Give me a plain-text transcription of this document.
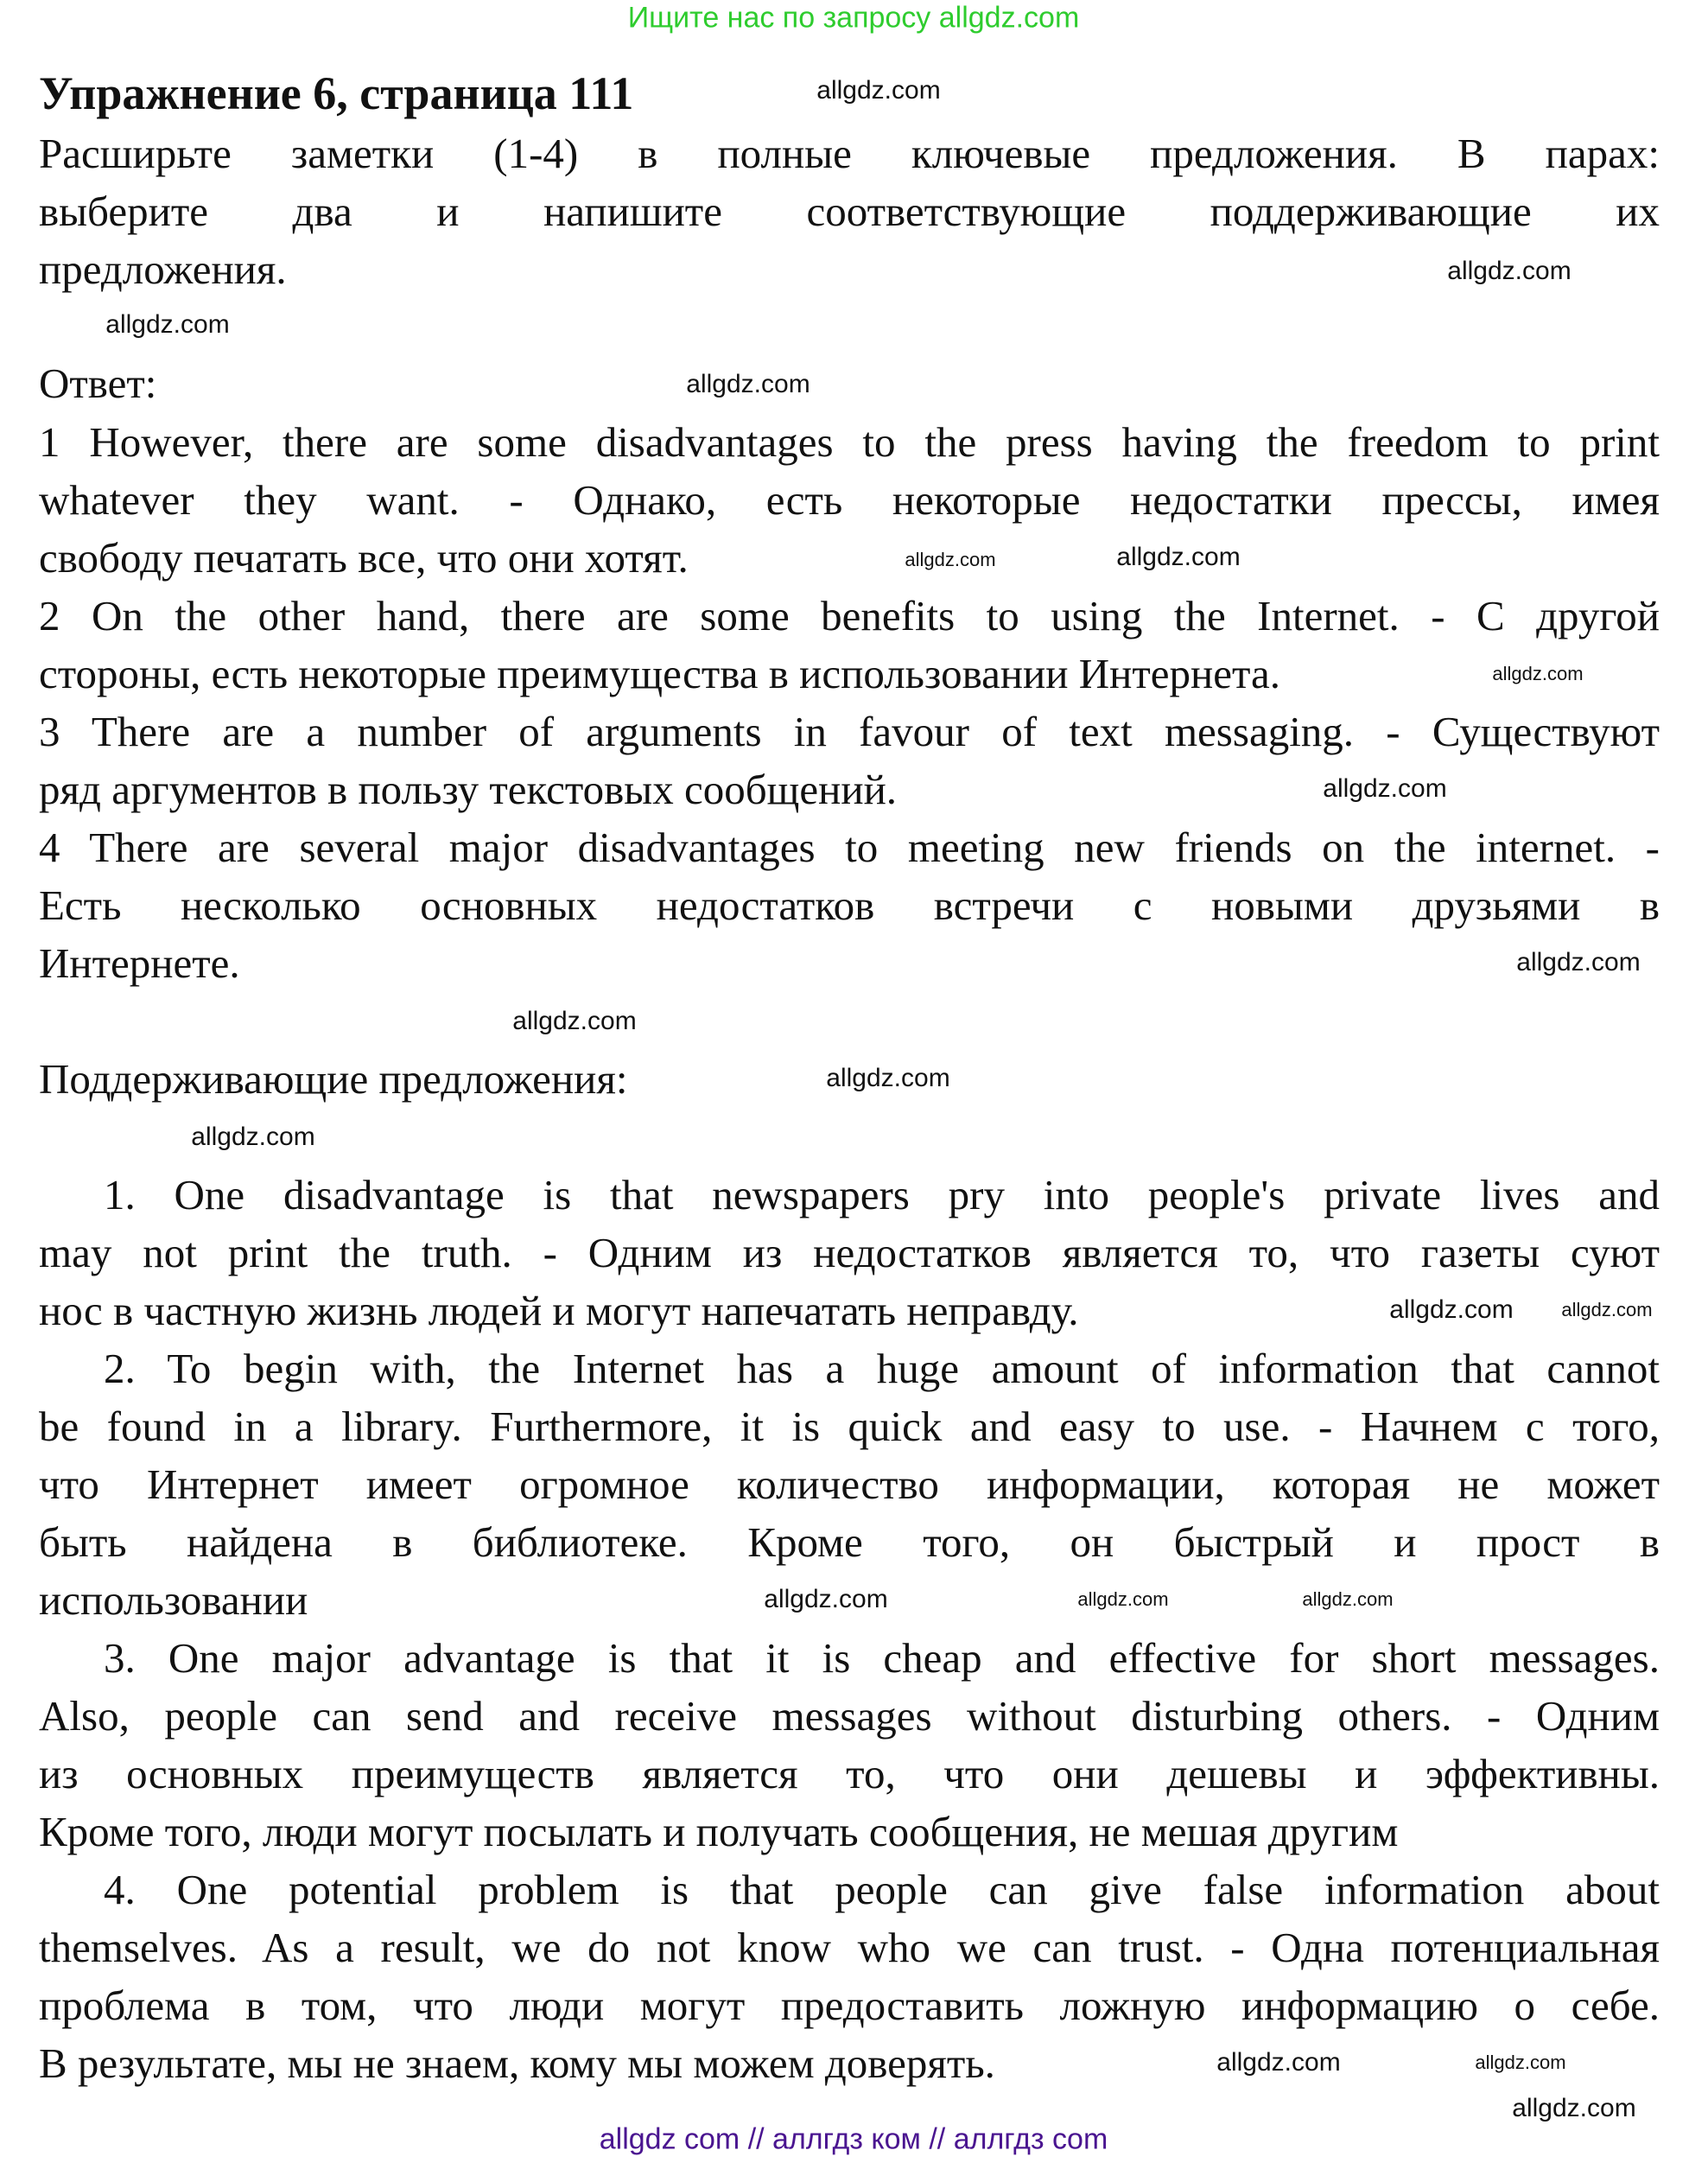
Ищите нас по запросу allgdz.com
Упражнение 6, страница 111
Расширьте заметки (1-4) в полные ключевые предложения. В парах:
выберите два и напишите соответствующие поддерживающие их
предложения.
Ответ:
1 However, there are some disadvantages to the press having the freedom to print
whatever they want. - Однако, есть некоторые недостатки прессы, имея
свободу печатать все, что они хотят.
2 On the other hand, there are some benefits to using the Internet. - С другой
стороны, есть некоторые преимущества в использовании Интернета.
3 There are a number of arguments in favour of text messaging. - Существуют
ряд аргументов в пользу текстовых сообщений.
4 There are several major disadvantages to meeting new friends on the internet. -
Есть несколько основных недостатков встречи с новыми друзьями в
Интернете.
Поддерживающие предложения:
1. One disadvantage is that newspapers pry into people's private lives and
may not print the truth. - Одним из недостатков является то, что газеты суют
нос в частную жизнь людей и могут напечатать неправду.
2. To begin with, the Internet has a huge amount of information that cannot
be found in a library. Furthermore, it is quick and easy to use. - Начнем с того,
что Интернет имеет огромное количество информации, которая не может
быть найдена в библиотеке. Кроме того, он быстрый и прост в
использовании
3. One major advantage is that it is cheap and effective for short messages.
Also, people can send and receive messages without disturbing others. - Одним
из основных преимуществ является то, что они дешевы и эффективны.
Кроме того, люди могут посылать и получать сообщения, не мешая другим
4. One potential problem is that people can give false information about
themselves. As a result, we do not know who we can trust. - Одна потенциальная
проблема в том, что люди могут предоставить ложную информацию о себе.
В результате, мы не знаем, кому мы можем доверять.
allgdz.com
allgdz.com
allgdz.com
allgdz.com
allgdz.com
allgdz.com
allgdz.com
allgdz.com
allgdz.com
allgdz.com
allgdz.com
allgdz.com
allgdz.com	allgdz.com
allgdz.com	allgdz.com	allgdz.com
allgdz.com
allgdz.com
allgdz.com
allgdz com // аллгдз ком // аллгдз com
